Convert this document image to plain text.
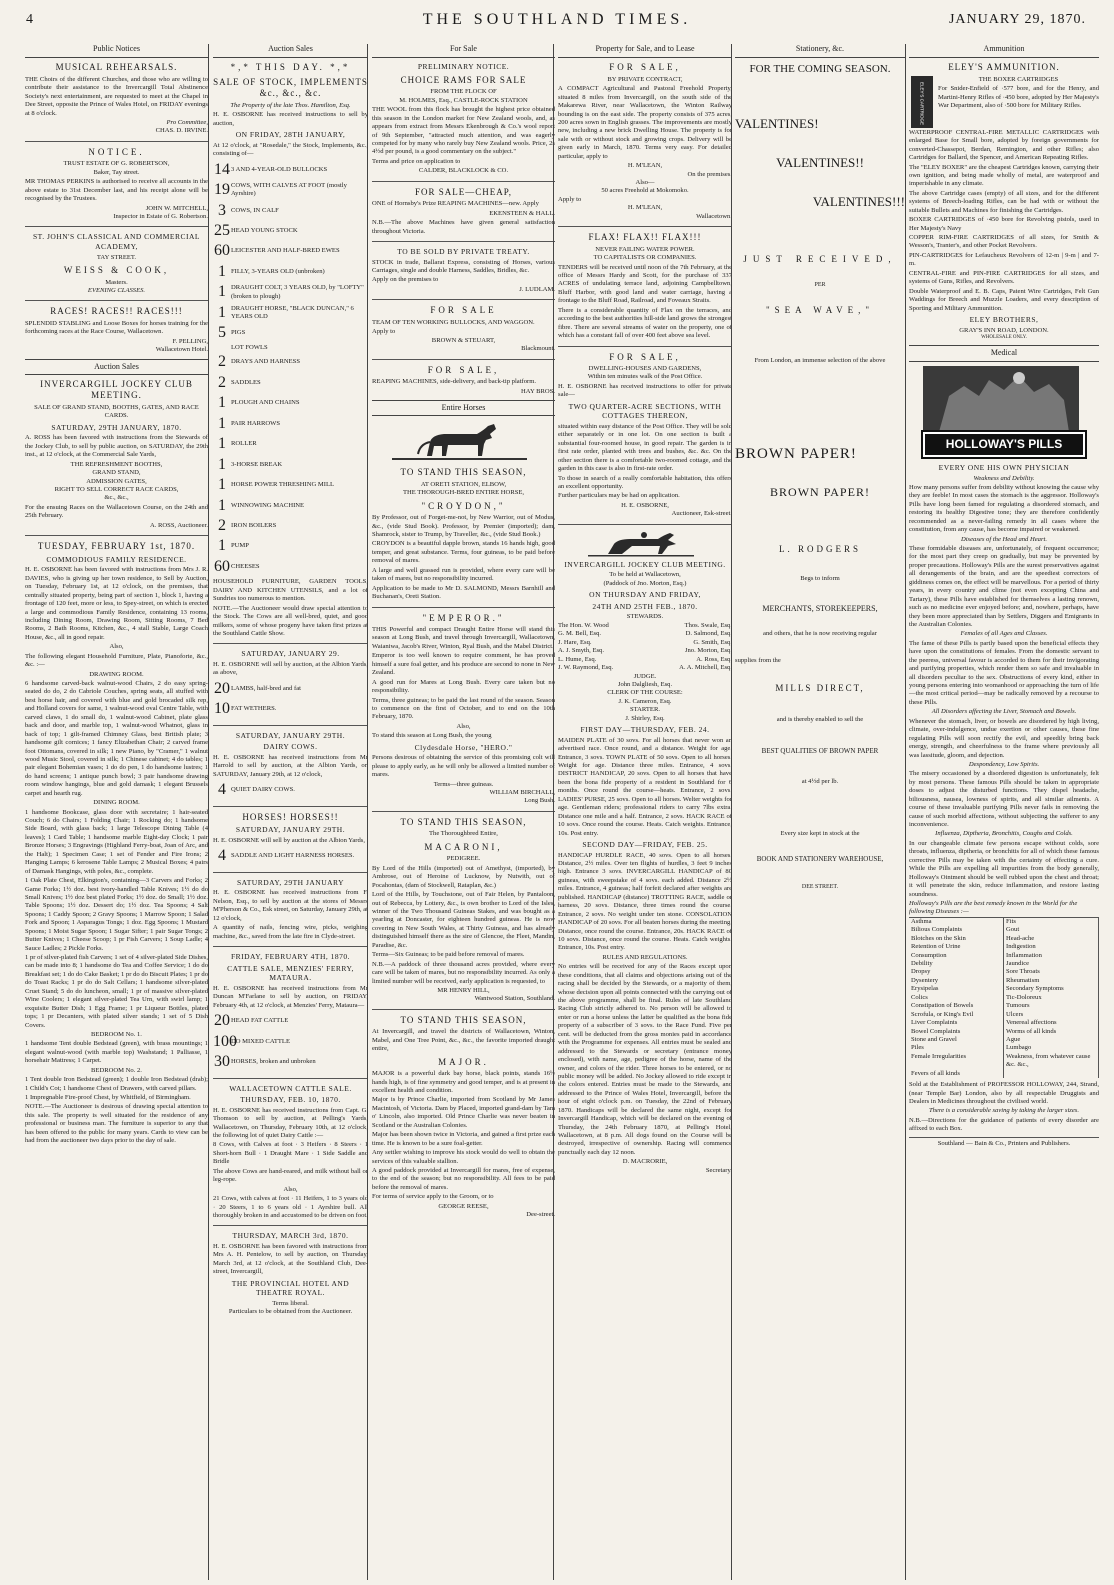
4	THE SOUTHLAND TIMES.	JANUARY 29, 1870.
Public Notices
MUSICAL REHEARSALS.

THE Choirs of the different Churches, and those who are willing to contribute their assistance to the Invercargill Total Abstinence Society's next entertainment, are requested to meet at the Chapel in Dee Street, opposite the Prince of Wales Hotel, on FRIDAY evenings at 8 o'clock.

Pro Committee,
CHAS. D. IRVINE.
NOTICE.
TRUST ESTATE OF G. ROBERTSON,
Baker, Tay street.

MR THOMAS PERKINS is authorised to receive all accounts in the above estate to 31st December last, and his receipt alone will be recognised by the Trustees.

JOHN W. MITCHELL,
Inspector in Estate of G. Robertson.
ST. JOHN'S CLASSICAL AND COMMERCIAL ACADEMY,
TAY STREET.
WEISS & COOK,
Masters.
EVENING CLASSES.
RACES! RACES!! RACES!!!

SPLENDID STABLING and Loose Boxes for horses training for the forthcoming races at the Race Course, Wallacetown.

F. PELLING,
Wallacetown Hotel.
Auction Sales
INVERCARGILL JOCKEY CLUB MEETING.
SALE OF GRAND STAND, BOOTHS, GATES, AND RACE CARDS.
SATURDAY, 29TH JANUARY, 1870.

A. ROSS has been favored with instructions from the Stewards of the Jockey Club, to sell by public auction, on SATURDAY, the 29th inst., at 12 o'clock, at the Commercial Sale Yards,

THE REFRESHMENT BOOTHS,
GRAND STAND,
ADMISSION GATES,
RIGHT TO SELL CORRECT RACE CARDS,
&c., &c.,

For the ensuing Races on the Wallacetown Course, on the 24th and 25th February.

A. ROSS, Auctioneer.
TUESDAY, FEBRUARY 1st, 1870.
COMMODIOUS FAMILY RESIDENCE.

H. E. OSBORNE has been favored with instructions from Mrs J. R. DAVIES, who is giving up her town residence, to Sell by Auction, on Tuesday, February 1st, at 12 o'clock, on the premises, that centrally situated property, being part of section 1, block 1, having a frontage of 120 feet, more or less, to Spey-street, on which is erected a large and commodious Family Residence, containing 13 rooms, including Dining Room, Drawing Room, Sitting Rooms, 7 Bed Rooms, 2 Bath Rooms, Kitchen, &c., 4 stall Stable, Large Coach House, &c., all in good repair.

Also,

The following elegant Household Furniture, Plate, Pianoforte, &c., &c. :—

DRAWING ROOM.

6 handsome carved-back walnut-wood Chairs, 2 do easy spring-seated do do, 2 do Cabriole Couches, spring seats, all stuffed with best horse hair, and covered with blue and gold brocaded silk rep, and Holland covers for same, 1 walnut-wood oval Centre Table, with carved claws, 1 do small do, 1 walnut-wood Cabinet, plate glass back and door, and marble top, 1 walnut-wood Whatnot, glass in back of top; 1 gilt-framed Chimney Glass, best British plate; 3 handsome gilt cornices; 1 fancy Elizabethan Chair; 2 carved frame foot Ottomans, covered in silk; 1 new Piano, by "Cramer," 1 walnut wood Music Stool, covered in silk; 1 Chinese cabinet; 4 do tables; 1 pair elegant Bohemian vases; 1 do do pen, 1 do handsome lustres; 1 do hand screens; 1 antique punch bowl; 3 pair handsome drawing room window hangings, blue and gold damask; 1 elegant Brussels carpet and hearth rug.

DINING ROOM.

1 handsome Bookcase, glass door with secretaire; 1 hair-seated Couch; 6 do Chairs; 1 Folding Chair; 1 Rocking do; 1 handsome Side Board, with glass back; 1 large Telescope Dining Table (4 leaves); 1 Card Table; 1 handsome marble Eight-day Clock; 1 pair Bronze Horses; 3 Engravings (Highland Ferry-boat, Joan of Arc, and the Halt); 1 Specimen Case; 1 set of Fender and Fire Irons; 2 Hanging Lamps; 6 kerosene Table Lamps; 2 Musical Boxes; 4 pairs of Damask Hangings, with poles, &c., complete.

1 Oak Plate Chest, Elkington's, containing—3 Carvers and Forks; 2 Game Forks; 1½ doz. best ivory-handled Table Knives; 1½ do do Small Knives; 1½ doz best plated Forks; 1½ doz. do Small; 1½ doz. Table Spoons; 1½ doz. Dessert do; 1½ doz. Tea Spoons; 4 Salt Spoons; 1 Caddy Spoon; 2 Gravy Spoons; 1 Marrow Spoon; 1 Salad Fork and Spoon; 1 Asparagus Tongs; 1 doz. Egg Spoons; 1 Mustard Spoons; 1 Moist Sugar Spoon; 1 Sugar Sifter; 1 pair Sugar Tongs; 2 Butter Knives; 1 Cheese Scoop; 1 pr Fish Carvers; 1 Soup Ladle; 4 Sauce Ladles; 2 Pickle Forks.

1 pr of silver-plated fish Carvers; 1 set of 4 silver-plated Side Dishes, can be made into 8; 1 handsome do Tea and Coffee Service; 1 do do Breakfast set; 1 do do Cake Basket; 1 pr do do Biscuit Plates; 1 pr do do Toast Racks; 1 pr do do Salt Cellars; 1 handsome silver-plated Cruet Stand; 5 do do luncheon, small; 1 pr of massive silver-plated Wine Coolers; 1 elegant silver-plated Tea Urn, with swirl lamp; 1 exquisite Butter Dish; 1 Egg Frame; 1 pr Liqueur Bottles, plated tops; 1 pr Decanters, with plated silver stands; 1 set of 5 Dish Covers.

BEDROOM No. 1.

1 handsome Tent double Bedstead (green), with brass mountings; 1 elegant walnut-wood (with marble top) Washstand; 1 Palliasse, 1 horsehair Mattress; 1 Carpet.

BEDROOM No. 2.

1 Tent double Iron Bedstead (green); 1 double Iron Bedstead (drab); 1 Child's Cot; 1 handsome Chest of Drawers, with carved pillars.

1 Impregnable Fire-proof Chest, by Whitfield, of Birmingham.

NOTE.—The Auctioneer is desirous of drawing special attention to this sale. The property is well situated for the residence of any professional or business man. The furniture is superior to any that has been offered to the public for many years. Cards to view can be had from the auctioneer two days prior to the day of sale.

Auction Sales
*,* THIS DAY. *,*
SALE OF STOCK, IMPLEMENTS &c., &c., &c.
The Property of the late Thos. Hamilton, Esq.

H. E. OSBORNE has received instructions to sell by auction,

ON FRIDAY, 28TH JANUARY,

At 12 o'clock, at "Rosedale," the Stock, Implements, &c., consisting of—

14 3 AND 4-YEAR-OLD BULLOCKS
19 COWS, WITH CALVES AT FOOT (mostly Ayrshire)
3 COWS, IN CALF
25 HEAD YOUNG STOCK
60 LEICESTER AND HALF-BRED EWES
1 FILLY, 3-YEARS OLD (unbroken)
1 DRAUGHT COLT, 3 YEARS OLD, by "LOFTY" (broken to plough)
1 DRAUGHT HORSE, "BLACK DUNCAN," 6 YEARS OLD
5 PIGS
LOT FOWLS
2 DRAYS AND HARNESS
2 SADDLES
1 PLOUGH AND CHAINS
1 PAIR HARROWS
1 ROLLER
1 3-HORSE BREAK
1 HORSE POWER THRESHING MILL
1 WINNOWING MACHINE
2 IRON BOILERS
1 PUMP
60 CHEESES

HOUSEHOLD FURNITURE, GARDEN TOOLS, DAIRY AND KITCHEN UTENSILS, and a lot of Sundries too numerous to mention.

NOTE.—The Auctioneer would draw special attention to the Stock. The Cows are all well-bred, quiet, and good milkers, some of whose progeny have taken first prizes at the Southland Cattle Show.

SATURDAY, JANUARY 29.

H. E. OSBORNE will sell by auction, at the Albion Yards, as above,

20 LAMBS, half-bred and fat
10 FAT WETHERS.
SATURDAY, JANUARY 29TH.
DAIRY COWS.

H. E. OSBORNE has received instructions from Mr Harrold to sell by auction, at the Albion Yards, on SATURDAY, January 29th, at 12 o'clock,

4 QUIET DAIRY COWS.
HORSES! HORSES!!
SATURDAY, JANUARY 29TH.

H. E. OSBORNE will sell by auction at the Albion Yards,

4 SADDLE AND LIGHT HARNESS HORSES.
SATURDAY, 29TH JANUARY

H. E. OSBORNE has received instructions from F. Nelson, Esq., to sell by auction at the stores of Messrs M'Pherson & Co., Esk street, on Saturday, January 29th, at 12 o'clock,

A quantity of nails, fencing wire, picks, weighing machine, &c., saved from the late fire in Clyde-street.

FRIDAY, FEBRUARY 4TH, 1870.
CATTLE SALE, MENZIES' FERRY, MATAURA.

H. E. OSBORNE has received instructions from Mr Duncan M'Farlane to sell by auction, on FRIDAY, February 4th, at 12 o'clock, at Menzies' Ferry, Mataura—

20 HEAD FAT CATTLE
100
DO MIXED CATTLE
30 HORSES, broken and unbroken
WALLACETOWN CATTLE SALE.
THURSDAY, FEB. 10, 1870.

H. E. OSBORNE has received instructions from Capt. G. Thomson to sell by auction, at Pelling's Yards, Wallacetown, on Thursday, February 10th, at 12 o'clock, the following lot of quiet Dairy Cattle :—

8 Cows, with Calves at foot · 3 Heifers · 8 Steers · 1 Short-horn Bull · 1 Draught Mare · 1 Side Saddle and Bridle

The above Cows are hand-reared, and milk without ball or leg-rope.

Also,

21 Cows, with calves at foot · 11 Heifers, 1 to 3 years old · 20 Steers, 1 to 6 years old · 1 Ayrshire bull. All thoroughly broken in and accustomed to be driven on foot.

THURSDAY, MARCH 3rd, 1870.

H. E. OSBORNE has been favored with instructions from Mrs A. H. Pentelow, to sell by auction, on Thursday, March 3rd, at 12 o'clock, at the Southland Club, Dee-street, Invercargill,

THE PROVINCIAL HOTEL AND THEATRE ROYAL.
Terms liberal.
Particulars to be obtained from the Auctioneer.
For Sale
PRELIMINARY NOTICE.
CHOICE RAMS FOR SALE
FROM THE FLOCK OF
M. HOLMES, Esq., CASTLE-ROCK STATION

THE WOOL from this flock has brought the highest price obtained this season in the London market for New Zealand wools, and, as appears from extract from Messrs Ekenbrough & Co.'s wool report of 9th September, "attracted much attention, and was eagerly competed for by many who rarely buy New Zealand wools. Price, 2s 4½d per pound, is a good commentary on the subject."

Terms and price on application to

CALDER, BLACKLOCK & CO.
FOR SALE—CHEAP,

ONE of Hornsby's Prize REAPING MACHINES—new. Apply

EKENSTEEN & HALL.

N.B.—The above Machines have given general satisfaction throughout Victoria.

TO BE SOLD BY PRIVATE TREATY.

STOCK in trade, Ballarat Express, consisting of Horses, various Carriages, single and double Harness, Saddles, Bridles, &c.

Apply on the premises to

J. LUDLAM.
FOR SALE

TEAM OF TEN WORKING BULLOCKS, AND WAGGON.

Apply to
BROWN & STEUART,
Blackmount.
FOR SALE,

REAPING MACHINES, side-delivery, and back-tip platform.

HAY BROS.
Entire Horses
TO STAND THIS SEASON,
AT ORETI STATION, ELBOW,
THE THOROUGH-BRED ENTIRE HORSE,
"CROYDON,"

By Professor, out of Forget-me-not, by New Warrior, out of Modus, &c., (vide Stud Book). Professor, by Premier (imported); dam, Shamrock, sister to Trump, by Traveller, &c., (vide Stud Book.)

CROYDON is a beautiful dapple brown, stands 16 hands high, good temper, and great substance. Terms, four guineas, to be paid before removal of mares.

A large and well grassed run is provided, where every care will be taken of mares, but no responsibility incurred.

Application to be made to Mr D. SALMOND, Messrs Barnhill and Buchanan's, Oreti Station.

"EMPEROR."

THIS Powerful and compact Draught Entire Horse will stand this season at Long Bush, and travel through Invercargill, Wallacetown, Waianiwa, Jacob's River, Winton, Ryal Bush, and the Mabel District.

Emperor is too well known to require comment, he has proved himself a sure foal getter, and his produce are second to none in New Zealand.

A good run for Mares at Long Bush. Every care taken but no responsibility.

Terms, three guineas; to be paid the last round of the season. Season to commence on the first of October, and to end on the 10th February, 1870.

Also,

To stand this season at Long Bush, the young

Clydesdale Horse, "HERO."

Persons desirous of obtaining the service of this promising colt will please to apply early, as he will only be allowed a limited number of mares.

Terms—three guineas.
WILLIAM BIRCHALL,
Long Bush.
TO STAND THIS SEASON,
The Thoroughbred Entire,
MACARONI,
PEDIGREE.

By Lord of the Hills (imported) out of Amethyst, (imported), by Ambrose, out of Heroine of Lucknow, by Nutwith, out of Pocahontas, (dam of Stockwell, Rataplan, &c.)

Lord of the Hills, by Touchstone, out of Fair Helen, by Pantaloon, out of Rebecca, by Lottery, &c., is own brother to Lord of the Isles, winner of the Two Thousand Guineas Stakes, and was bought as a yearling at Doncaster, for eighteen hundred guineas. He is now covering in New South Wales, at Thirty Guineas, and has already distinguished himself there as the sire of Glencoe, the Fleet, Mandin, Paradise, &c.

Terms—Six Guineas; to be paid before removal of mares.

N.B.—A paddock of three thousand acres provided, where every care will be taken of mares, but no responsibility incurred. As only a limited number will be received, early application is requested, to

MR HENRY HILL,
Wantwood Station, Southland.
TO STAND THIS SEASON,

At Invercargill, and travel the districts of Wallacetown, Winton, Mabel, and One Tree Point, &c., &c., the favorite imported draught entire,

MAJOR.

MAJOR is a powerful dark bay horse, black points, stands 16½ hands high, is of fine symmetry and good temper, and is at present in excellent health and condition.

Major is by Prince Charlie, imported from Scotland by Mr James Macintosh, of Victoria. Dam by Placed, imported grand-dam by Tam o' Lincoln, also imported. Old Prince Charlie was never beaten in Scotland or the Australian Colonies.

Major has been shown twice in Victoria, and gained a first prize each time. He is known to be a sure foal-getter.

Any settler wishing to improve his stock would do well to obtain the services of this valuable stallion.

A good paddock provided at Invercargill for mares, free of expense, to the end of the season; but no responsibility. All fees to be paid before the removal of mares.

For terms of service apply to the Groom, or to

GEORGE REESE,
Dee-street.
Property for Sale, and to Lease
FOR SALE,
BY PRIVATE CONTRACT,

A COMPACT Agricultural and Pastoral Freehold Property, situated 8 miles from Invercargill, on the south side of the Makarewa River, near Wallacetown, the Winton Railway bounding is on the east side. The property consists of 375 acres, 200 acres sown in English grasses. The improvements are mostly new, including a new brick Dwelling House. The property is for sale with or without stock and growing crops. Delivery will be given early in March, 1870. Terms very easy. For detailed particular, apply to

H. M'LEAN,
On the premises.
Also—
50 acres Freehold at Mokomoko.
Apply to
H. M'LEAN,
Wallacetown.
FLAX! FLAX!! FLAX!!!
NEVER FAILING WATER POWER.
TO CAPITALISTS OR COMPANIES.

TENDERS will be received until noon of the 7th February, at the office of Messrs Hardy and Scott, for the purchase of 337 ACRES of undulating terrace land, adjoining Campbelltown, Bluff Harbor, with good land and water carriage, having a frontage to the Bluff Road, Railroad, and Foveaux Straits.

There is a considerable quantity of Flax on the terraces, and according to the best authorities hill-side land grows the strongest fibre. There are several streams of water on the property, one of which has a constant fall of over 400 feet above sea level.

FOR SALE,
DWELLING-HOUSES AND GARDENS,
Within ten minutes walk of the Post Office.

H. E. OSBORNE has received instructions to offer for private sale—

TWO QUARTER-ACRE SECTIONS, WITH COTTAGES THEREON,

situated within easy distance of the Post Office. They will be sold either separately or in one lot. On one section is built a substantial four-roomed house, in good repair. The garden is in first rate order, planted with trees and bushes, &c. &c. On the other section there is a comfortable two-roomed cottage, and the garden in this case is also in first-rate order.

To those in search of a really comfortable habitation, this offers an excellent opportunity.

Further particulars may be had on application.

H. E. OSBORNE,
Auctioneer, Esk-street.
INVERCARGILL JOCKEY CLUB MEETING.
To be held at Wallacetown,
(Paddock of Jno. Morton, Esq.)
ON THURSDAY AND FRIDAY,
24TH AND 25TH FEB., 1870.
STEWARDS.
The Hon. W. Wood	Thos. Swale, Esq.
G. M. Bell, Esq.	D. Salmond, Esq.
J. Hare, Esq.	G. Smith, Esq.
A. J. Smyth, Esq.	Jno. Morton, Esq.
L. Hume, Esq.	A. Ross, Esq.
J. W. Raymond, Esq.	A. A. Mitchell, Esq.
JUDGE.
John Dalgliesh, Esq.
CLERK OF THE COURSE:
J. K. Cameron, Esq.
STARTER.
J. Shirley, Esq.
FIRST DAY—THURSDAY, FEB. 24.

MAIDEN PLATE of 30 sovs. For all horses that never won an advertised race. Once round, and a distance. Weight for age. Entrance, 3 sovs. TOWN PLATE of 50 sovs. Open to all horses. Weight for age. Distance three miles. Entrance, 4 sovs. DISTRICT HANDICAP, 20 sovs. Open to all horses that have been the bona fide property of a resident in Southland for 6 months. Once round the course—heats. Entrance, 2 sovs. LADIES' PURSE, 25 sovs. Open to all horses. Welter weights for age. Gentleman riders; professional riders to carry 7lbs extra. Distance one mile and a half. Entrance, 2 sovs. HACK RACE of 10 sovs. Once round the course. Heats. Catch weights. Entrance, 10s. Post entry.

SECOND DAY—FRIDAY, FEB. 25.

HANDICAP HURDLE RACE, 40 sovs. Open to all horses. Distance, 2½ miles. Over ten flights of hurdles, 3 feet 9 inches high. Entrance 3 sovs. INVERCARGILL HANDICAP of 80 guineas, with sweepstake of 4 sovs. each added. Distance 2½ miles. Entrance, 4 guineas; half forfeit declared after weights are published. HANDICAP (distance) TROTTING RACE, saddle or harness, 20 sovs. Distance, three times round the course. Entrance, 2 sovs. No weight under ten stone. CONSOLATION HANDICAP of 20 sovs. For all beaten horses during the meeting. Distance, once round the course. Entrance, 20s. HACK RACE of 10 sovs. Distance, once round the course. Heats. Catch weights. Entrance, 10s. Post entry.

RULES AND REGULATIONS.

No entries will be received for any of the Races except upon these conditions, that all claims and objections arising out of the racing shall be decided by the Stewards, or a majority of them, whose decision upon all points connected with the carrying out of the above programme, shall be final. Rules of late Southland Racing Club strictly adhered to. No person will be allowed to enter or run a horse unless the latter be qualified as the bona fide property of a subscriber of 3 sovs. to the Race Fund. Five per cent. will be deducted from the gross monies paid in accordance with the Programme for expenses. All entries must be sealed and addressed to the Stewards or secretary (entrance money enclosed), with name, age, pedigree of the horse, name of the owner, and colors of the rider. Three horses to be entered, or no public money will be added. No Jockey allowed to ride except in the colors entered. Entries must be made to the Stewards, and addressed to the Prince of Wales Hotel, Invercargill, before the hour of eight o'clock p.m. on Tuesday, the 22nd of February 1870. Handicaps will be declared the same night, except for Invercargill Handicap, which will be declared on the evening of Thursday, the 24th February 1870, at Pelling's Hotel, Wallacetown, at 8 p.m. All dogs found on the Course will be destroyed, irrespective of ownership. Racing will commence punctually each day 12 noon.

D. MACRORIE,
Secretary.
Stationery, &c.
FOR THE COMING SEASON.
VALENTINES!
VALENTINES!!
VALENTINES!!!
JUST RECEIVED,
PER
"SEA WAVE,"
From London, an immense selection of the above
BROWN PAPER!
BROWN PAPER!
L. RODGERS
Begs to inform
MERCHANTS, STOREKEEPERS,
and others, that he is now receiving regular
supplies from the
MILLS DIRECT,
and is thereby enabled to sell the
BEST QUALITIES OF BROWN PAPER
at 4½d per lb.
Every size kept in stock at the
BOOK AND STATIONERY WAREHOUSE,
DEE STREET.
Ammunition
ELEY'S AMMUNITION.
ELEY'S CARTRIDGE
THE BOXER CARTRIDGES

For Snider-Enfield of ·577 bore, and for the Henry, and Martini-Henry Rifles of ·450 bore, adopted by Her Majesty's War Department, also of ·500 bore for Military Rifles.

WATERPROOF CENTRAL-FIRE METALLIC CARTRIDGES with enlarged Base for Small bore, adopted by foreign governments for converted-Chassepot, Berdan, Remington, and other Rifles; also Cartridges for Ballard, the Spencer, and American Repeating Rifles.

The "ELEY BOXER" are the cheapest Cartridges known, carrying their own ignition, and being made wholly of metal, are waterproof and imperishable in any climate.

The above Cartridge cases (empty) of all sizes, and for the different systems of Breech-loading Rifles, can be had with or without the suitable Bullets and Machines for finishing the Cartridges.

BOXER CARTRIDGES of ·450 bore for Revolving pistols, used in Her Majesty's Navy

COPPER RIM-FIRE CARTRIDGES of all sizes, for Smith & Wesson's, Tranter's, and other Pocket Revolvers.

PIN-CARTRIDGES for Lefaucheux Revolvers of 12-m | 9-m | and 7-m.

CENTRAL-FIRE and PIN-FIRE CARTRIDGES for all sizes, and systems of Guns, Rifles, and Revolvers.

Double Waterproof and E. B. Caps, Patent Wire Cartridges, Felt Gun Waddings for Breech and Muzzle Loaders, and every description of Sporting and Military Ammunition.

ELEY BROTHERS,
GRAY'S INN ROAD, LONDON.
WHOLESALE ONLY.
Medical
HOLLOWAY'S PILLS
EVERY ONE HIS OWN PHYSICIAN
Weakness and Debility.

How many persons suffer from debility without knowing the cause why they are feeble! In most cases the stomach is the aggressor. Holloway's Pills have long been famed for regulating a disordered stomach, and restoring its healthy Digestive tone; they are therefore confidently recommended as a never-failing remedy in all cases where the constitution, from any cause, has become impaired or weakened.

Diseases of the Head and Heart.

These formidable diseases are, unfortunately, of frequent occurrence; for the most part they creep on gradually, but may be prevented by proper precautions. Holloway's Pills are the surest preservatives against all derangements of the brain, and are the speediest correctors of giddiness comes on, the effect will be marvellous. For a period of thirty years, in every country and clime (not even excepting China and Tartary), these Pills have established for themselves a lasting renown, such as no medicine ever enjoyed before; and, nowhere, perhaps, have they been more appreciated than by Settlers, Diggers and Emigrants in the Australian Colonies.

Females of all Ages and Classes.

The fame of these Pills is partly based upon the beneficial effects they have upon the constitutions of females. From the domestic servant to the peeress, universal favour is accorded to them for their invigorating and purifying properties, which render them so safe and invaluable in all disorders peculiar to the sex. Obstructions of every kind, either in young persons entering into womanhood or approaching the turn of life—the most critical period—may be radically removed by a recourse to these Pills.

All Disorders affecting the Liver, Stomach and Bowels.

Whenever the stomach, liver, or bowels are disordered by high living, climate, over-indulgence, undue exertion or other causes, these fine regulating Pills will soon rectify the evil, and speedily bring back energy, strength, and cheerfulness to the frame where previously all was lassitude, gloom, and dejection.

Despondency, Low Spirits.

The misery occasioned by a disordered digestion is unfortunately, felt by most persons. These famous Pills should be taken in appropriate doses to adjust the disturbed functions. They dispel headache, biliousness, nausea, lowness of spirits, and all similar ailments. A course of these invaluable purifying Pills never fails in removing the cause of such morbid affections, without subjecting the sufferer to any inconvenience.

Influenza, Diptheria, Bronchitis, Coughs and Colds.

In our changeable climate few persons escape without colds, sore throats, influenza, diptheria, or bronchitis for all of which these famous corrective Pills may be taken with the certainty of effecting a cure. While the Pills are expelling all impurities from the body generally, Holloway's Ointment should be well rubbed upon the chest and throat; it will penetrate the skin, reduce inflammation, and restore lasting soundness.

Holloway's Pills are the best remedy known in the World for the following Diseases :—
Asthma	Fits
Bilious Complaints	Gout
Blotches on the Skin	Head-ache
Retention of Urine	Indigestion
Consumption	Inflammation
Debility	Jaundice
Dropsy	Sore Throats
Dysentery	Rheumatism
Erysipelas	Secondary Symptoms
Colics	Tic-Doloreux
Constipation of Bowels	Tumours
Scrofula, or King's Evil	Ulcers
Liver Complaints	Venereal affections
Bowel Complaints	Worms of all kinds
Stone and Gravel	Ague
Piles	Lumbago
Female Irregularities	Weakness, from whatever cause &c. &c.,
Fevers of all kinds

Sold at the Establishment of PROFESSOR HOLLOWAY, 244, Strand, (near Temple Bar) London, also by all respectable Druggists and Dealers in Medicines throughout the civilised world.

There is a considerable saving by taking the larger sizes.

N.B.—Directions for the guidance of patients of every disorder are affixed to each Box.

Southland — Bain & Co., Printers and Publishers.
